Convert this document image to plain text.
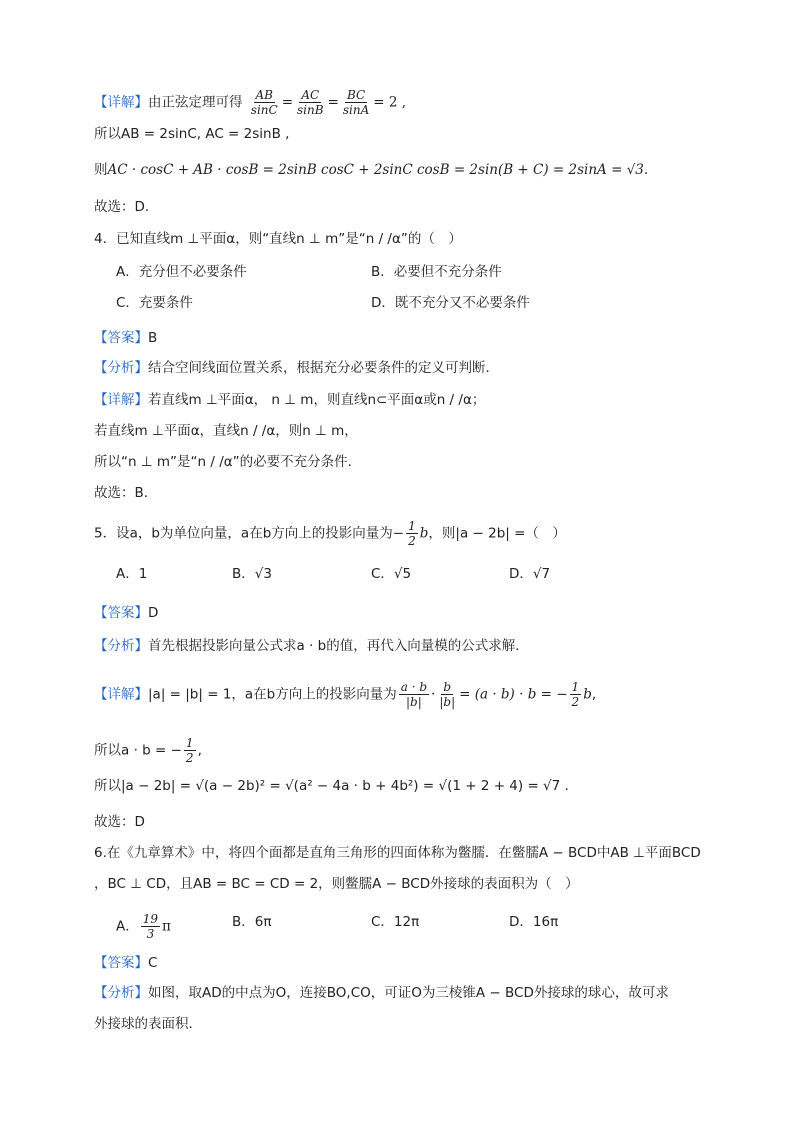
【详解】由正弦定理可得 $\frac{AB}{\sin C} = \frac{AC}{\sin B} = \frac{BC}{\sin A} = 2$ ,
所以AB = 2sinC, AC = 2sinB ,
则AC · cosC + AB · cosB = 2sinB cosC + 2sinC cosB = 2sin(B + C) = 2sinA = √3.
故选：D.
4．已知直线m ⊥平面α，则“直线n ⊥ m”是“n / /α”的（　）
A．充分但不必要条件	B．必要但不充分条件
C．充要条件	D．既不充分又不必要条件
【答案】B
【分析】结合空间线面位置关系，根据充分必要条件的定义可判断．
【详解】若直线m ⊥平面α， n ⊥ m，则直线n⊂平面α或n / /α；
若直线m ⊥平面α，直线n / /α，则n ⊥ m，
所以“n ⊥ m”是“n / /α”的必要不充分条件．
故选：B．
5．设a，b为单位向量，a在b方向上的投影向量为− $\frac{1}{2}$ b，则|a − 2b| =（　）
A．1	B．√3	C．√5	D．√7
【答案】D
【分析】首先根据投影向量公式求a · b的值，再代入向量模的公式求解．
【详解】|a| = |b| = 1，a在b方向上的投影向量为 $\frac{a \cdot b}{|b|} \cdot \frac{b}{|b|} = (a \cdot b) \cdot b$ = − $\frac{1}{2} b$,
所以a · b = − $\frac{1}{2}$ ,
所以|a − 2b| = √(a − 2b)² = √(a² − 4a · b + 4b²) = √(1 + 2 + 4) = √7 .
故选：D
6.在《九章算术》中，将四个面都是直角三角形的四面体称为鳖臑．在鳖臑A − BCD中AB ⊥平面BCD
，BC ⊥ CD，且AB = BC = CD = 2，则鳖臑A − BCD外接球的表面积为（　）
A． $\frac{19}{3}$ π	B．6π	C．12π	D．16π
【答案】C
【分析】如图，取AD的中点为O，连接BO,CO，可证O为三棱锥A − BCD外接球的球心，故可求
外接球的表面积．
